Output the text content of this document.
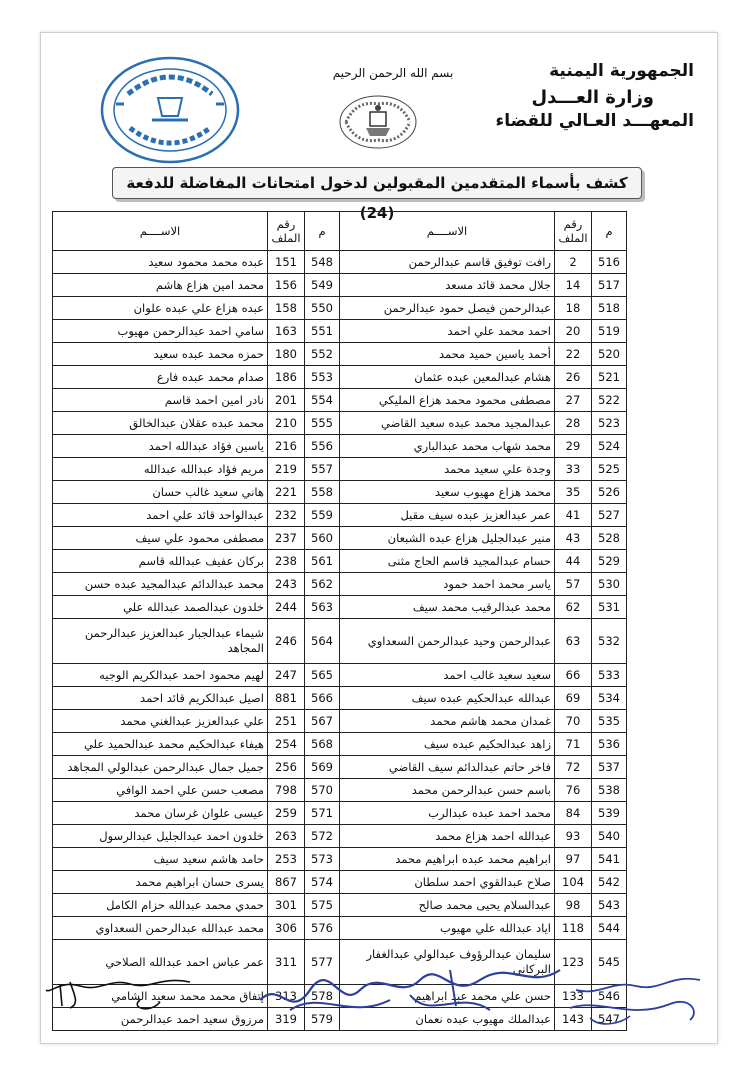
الجمهورية اليمنية
وزارة العـــدل
المعهـــد العـالي للقضاء
بسم الله الرحمن الرحيم
كشف بأسماء المتقدمين المقبولين لدخول امتحانات المفاضلة للدفعة (24)
م	رقم الملف	الاســــم	م	رقم الملف	الاســــم
516	2	رافت توفيق قاسم عبدالرحمن	548	151	عبده محمد محمود سعيد
517	14	جلال محمد قائد مسعد	549	156	محمد امين هزاع هاشم
518	18	عبدالرحمن فيصل حمود عبدالرحمن	550	158	عبده هزاع علي عبده علوان
519	20	احمد محمد علي احمد	551	163	سامي احمد عبدالرحمن مهيوب
520	22	أحمد ياسين حميد محمد	552	180	حمزه محمد عبده سعيد
521	26	هشام عبدالمعين عبده عثمان	553	186	صدام محمد عبده فارع
522	27	مصطفى محمود محمد هزاع المليكي	554	201	نادر امين احمد قاسم
523	28	عبدالمجيد محمد عبده سعيد القاضي	555	210	محمد عبده عقلان عبدالخالق
524	29	محمد شهاب محمد عبدالباري	556	216	ياسين فؤاد عبدالله احمد
525	33	وجدة علي سعيد محمد	557	219	مريم فؤاد عبدالله عبدالله
526	35	محمد هزاع مهيوب سعيد	558	221	هاني سعيد غالب حسان
527	41	عمر عبدالعزيز عبده سيف مقبل	559	232	عبدالواحد قائد علي احمد
528	43	منير عبدالجليل هزاع عبده الشبعان	560	237	مصطفى محمود علي سيف
529	44	حسام عبدالمجيد قاسم الحاج مثنى	561	238	بركان عفيف عبدالله قاسم
530	57	ياسر محمد احمد حمود	562	243	محمد عبدالدائم عبدالمجيد عبده حسن
531	62	محمد عبدالرقيب محمد سيف	563	244	خلدون عبدالصمد عبدالله علي
532	63	عبدالرحمن وحيد عبدالرحمن السعداوي	564	246	شيماء عبدالجبار عبدالعزيز عبدالرحمن المجاهد
533	66	سعيد سعيد غالب احمد	565	247	لهيم محمود احمد عبدالكريم الوجيه
534	69	عبدالله عبدالحكيم عبده سيف	566	881	اصيل عبدالكريم قائد احمد
535	70	غمدان محمد هاشم محمد	567	251	علي عبدالعزيز عبدالغني محمد
536	71	زاهد عبدالحكيم عبده سيف	568	254	هيفاء عبدالحكيم محمد عبدالحميد علي
537	72	فاخر حاتم عبدالدائم سيف القاضي	569	256	جميل جمال عبدالرحمن عبدالولي المجاهد
538	76	باسم حسن عبدالرحمن محمد	570	798	مصعب حسن علي احمد الوافي
539	84	محمد احمد عبده عبدالرب	571	259	عيسى علوان غرسان محمد
540	93	عبدالله احمد هزاع محمد	572	263	خلدون احمد عبدالجليل عبدالرسول
541	97	ابراهيم محمد عبده ابراهيم محمد	573	253	حامد هاشم سعيد سيف
542	104	صلاح عبدالقوي احمد سلطان	574	867	يسرى حسان ابراهيم محمد
543	98	عبدالسلام يحيى محمد صالح	575	301	حمدي محمد عبدالله حزام الكامل
544	118	اياد عبدالله علي مهيوب	576	306	محمد عبدالله عبدالرحمن السعداوي
545	123	سليمان عبدالرؤوف عبدالولي عبدالغفار البركاني	577	311	عمر عباس احمد عبدالله الصلاحي
546	133	حسن علي محمد عبد ابراهيم	578	313	إتفاق محمد محمد سعيد الشامي
547	143	عبدالملك مهيوب عبده نعمان	579	319	مرزوق سعيد احمد عبدالرحمن
